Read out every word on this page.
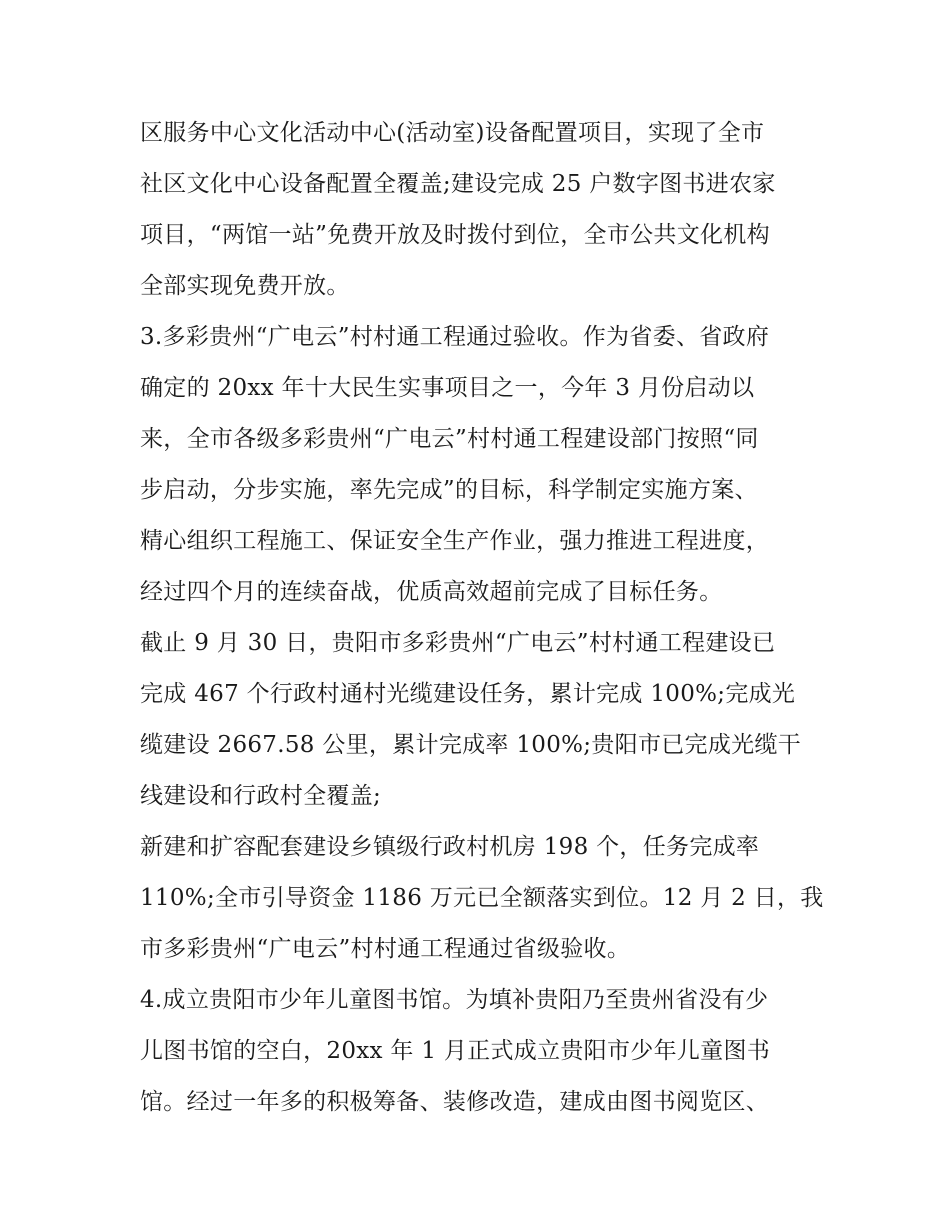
区服务中心文化活动中心(活动室)设备配置项目，实现了全市
社区文化中心设备配置全覆盖;建设完成 25 户数字图书进农家
项目，“两馆一站”免费开放及时拨付到位，全市公共文化机构
全部实现免费开放。
3.多彩贵州“广电云”村村通工程通过验收。作为省委、省政府
确定的 20xx 年十大民生实事项目之一，今年 3 月份启动以
来，全市各级多彩贵州“广电云”村村通工程建设部门按照“同
步启动，分步实施，率先完成”的目标，科学制定实施方案、
精心组织工程施工、保证安全生产作业，强力推进工程进度，
经过四个月的连续奋战，优质高效超前完成了目标任务。
截止 9 月 30 日，贵阳市多彩贵州“广电云”村村通工程建设已
完成 467 个行政村通村光缆建设任务，累计完成 100%;完成光
缆建设 2667.58 公里，累计完成率 100%;贵阳市已完成光缆干
线建设和行政村全覆盖;
新建和扩容配套建设乡镇级行政村机房 198 个，任务完成率
110%;全市引导资金 1186 万元已全额落实到位。12 月 2 日，我
市多彩贵州“广电云”村村通工程通过省级验收。
4.成立贵阳市少年儿童图书馆。为填补贵阳乃至贵州省没有少
儿图书馆的空白，20xx 年 1 月正式成立贵阳市少年儿童图书
馆。经过一年多的积极筹备、装修改造，建成由图书阅览区、
